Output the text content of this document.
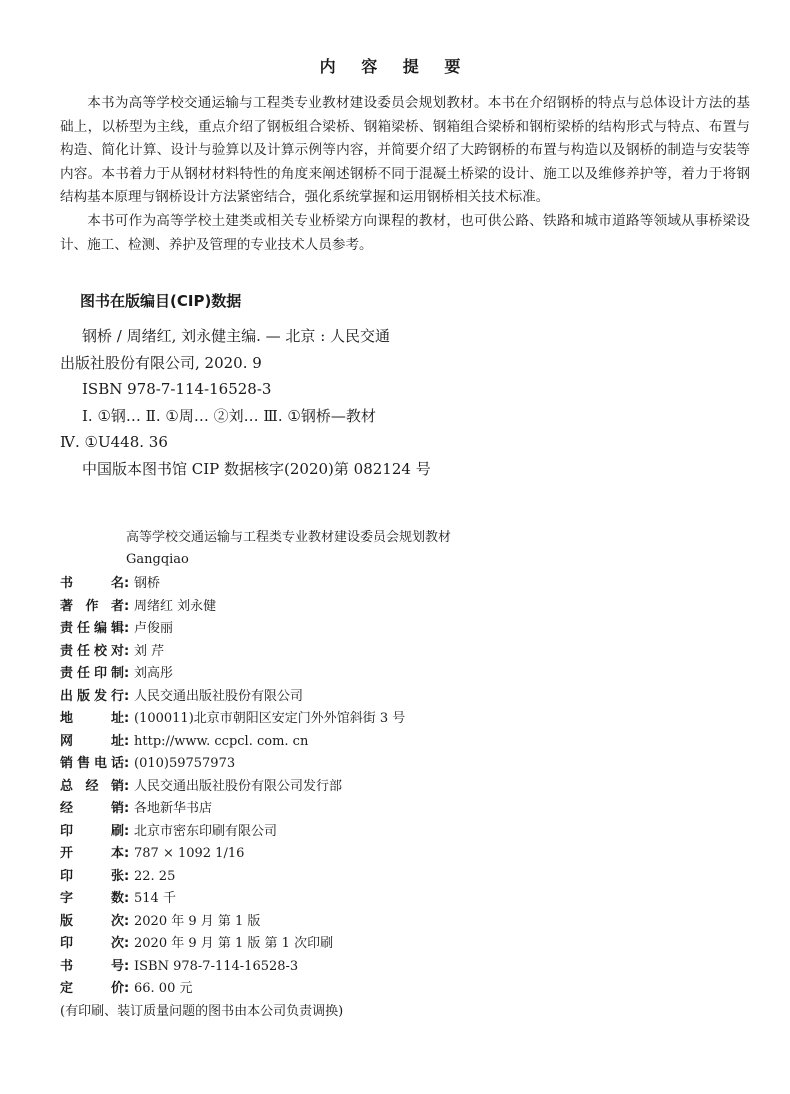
内 容 提 要

本书为高等学校交通运输与工程类专业教材建设委员会规划教材。本书在介绍钢桥的特点与总体设计方法的基础上，以桥型为主线，重点介绍了钢板组合梁桥、钢箱梁桥、钢箱组合梁桥和钢桁梁桥的结构形式与特点、布置与构造、简化计算、设计与验算以及计算示例等内容，并简要介绍了大跨钢桥的布置与构造以及钢桥的制造与安装等内容。本书着力于从钢材材料特性的角度来阐述钢桥不同于混凝土桥梁的设计、施工以及维修养护等，着力于将钢结构基本原理与钢桥设计方法紧密结合，强化系统掌握和运用钢桥相关技术标准。

本书可作为高等学校土建类或相关专业桥梁方向课程的教材，也可供公路、铁路和城市道路等领域从事桥梁设计、施工、检测、养护及管理的专业技术人员参考。

图书在版编目(CIP)数据
钢桥 / 周绪红, 刘永健主编. — 北京 : 人民交通
出版社股份有限公司, 2020. 9
ISBN 978-7-114-16528-3
Ⅰ. ①钢… Ⅱ. ①周… ②刘… Ⅲ. ①钢桥—教材
Ⅳ. ①U448. 36
中国版本图书馆 CIP 数据核字(2020)第 082124 号
高等学校交通运输与工程类专业教材建设委员会规划教材
Gangqiao
书名 : 钢桥
著作者 : 周绪红 刘永健
责任编辑 : 卢俊丽
责任校对 : 刘 芹
责任印制 : 刘高彤
出版发行 : 人民交通出版社股份有限公司
地址 : (100011)北京市朝阳区安定门外外馆斜街 3 号
网址 : http://www. ccpcl. com. cn
销售电话 : (010)59757973
总经销 : 人民交通出版社股份有限公司发行部
经销 : 各地新华书店
印刷 : 北京市密东印刷有限公司
开本 : 787 × 1092 1/16
印张 : 22. 25
字数 : 514 千
版次 : 2020 年 9 月 第 1 版
印次 : 2020 年 9 月 第 1 版 第 1 次印刷
书号 : ISBN 978-7-114-16528-3
定价 : 66. 00 元
(有印刷、装订质量问题的图书由本公司负责调换)
